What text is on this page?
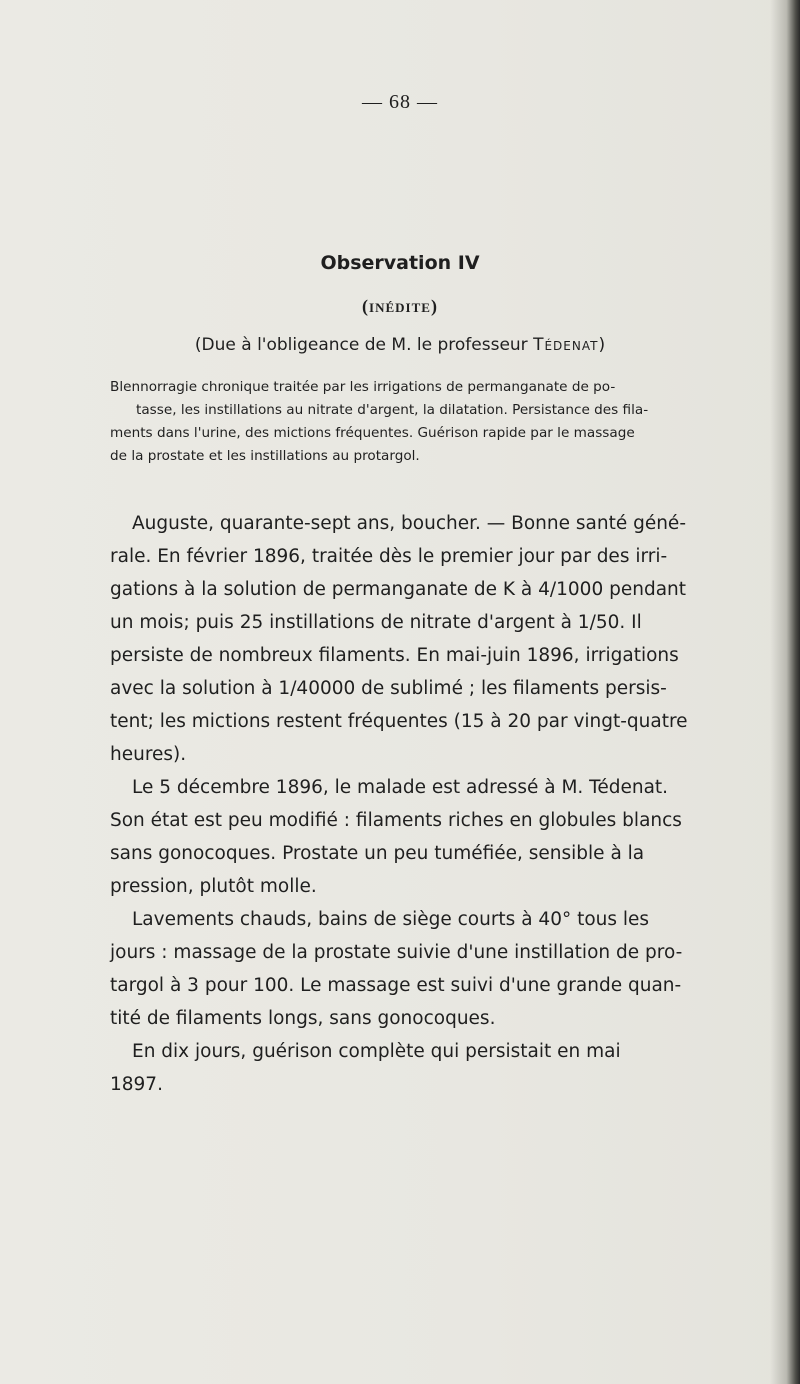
— 68 —
Observation IV
(inédite)
(Due à l'obligeance de M. le professeur Tédenat)
Blennorragie chronique traitée par les irrigations de permanganate de po-
tasse, les instillations au nitrate d'argent, la dilatation. Persistance des fila-
ments dans l'urine, des mictions fréquentes. Guérison rapide par le massage
de la prostate et les instillations au protargol.
Auguste, quarante-sept ans, boucher. — Bonne santé géné-
rale. En février 1896, traitée dès le premier jour par des irri-
gations à la solution de permanganate de K à 4/1000 pendant
un mois; puis 25 instillations de nitrate d'argent à 1/50. Il
persiste de nombreux filaments. En mai-juin 1896, irrigations
avec la solution à 1/40000 de sublimé ; les filaments persis-
tent; les mictions restent fréquentes (15 à 20 par vingt-quatre
heures).
Le 5 décembre 1896, le malade est adressé à M. Tédenat.
Son état est peu modifié : filaments riches en globules blancs
sans gonocoques. Prostate un peu tuméfiée, sensible à la
pression, plutôt molle.
Lavements chauds, bains de siège courts à 40° tous les
jours : massage de la prostate suivie d'une instillation de pro-
targol à 3 pour 100. Le massage est suivi d'une grande quan-
tité de filaments longs, sans gonocoques.
En dix jours, guérison complète qui persistait en mai
1897.
